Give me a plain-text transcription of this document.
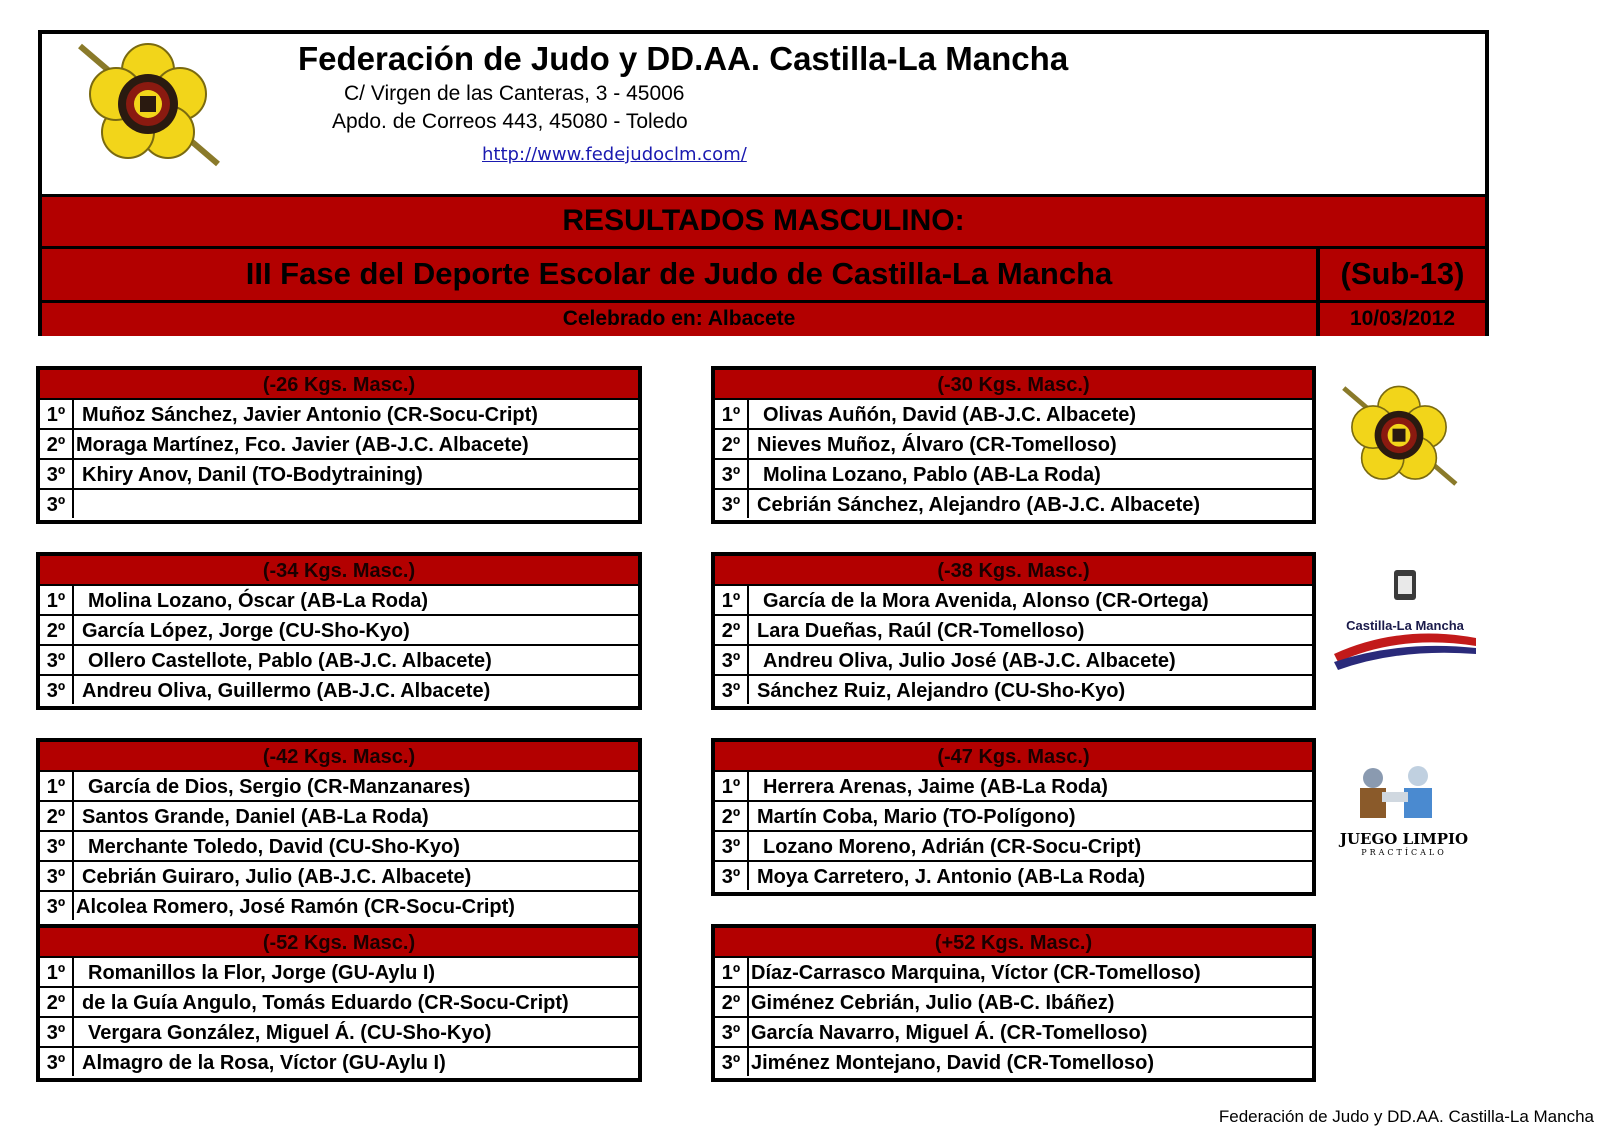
Federación de Judo y DD.AA. Castilla-La Mancha
C/ Virgen de las Canteras, 3 - 45006
Apdo. de Correos 443, 45080 - Toledo
http://www.fedejudoclm.com/
RESULTADOS MASCULINO:
III Fase del Deporte Escolar de Judo de Castilla-La Mancha	(Sub-13)
Celebrado en: Albacete	10/03/2012
(-26 Kgs. Masc.)
1º Muñoz Sánchez, Javier Antonio (CR-Socu-Cript)
2º Moraga Martínez, Fco. Javier (AB-J.C. Albacete)
3º Khiry Anov, Danil (TO-Bodytraining)
3º
(-30 Kgs. Masc.)
1º	Olivas Auñón, David (AB-J.C. Albacete)
2º Nieves Muñoz, Álvaro (CR-Tomelloso)
3º	Molina Lozano, Pablo (AB-La Roda)
3º Cebrián Sánchez, Alejandro (AB-J.C. Albacete)
(-34 Kgs. Masc.)
1º	Molina Lozano, Óscar (AB-La Roda)
2º García López, Jorge (CU-Sho-Kyo)
3º	Ollero Castellote, Pablo (AB-J.C. Albacete)
3º Andreu Oliva, Guillermo (AB-J.C. Albacete)
(-38 Kgs. Masc.)
1º	García de la Mora Avenida, Alonso (CR-Ortega)
2º Lara Dueñas, Raúl (CR-Tomelloso)
3º	Andreu Oliva, Julio José (AB-J.C. Albacete)
3º Sánchez Ruiz, Alejandro (CU-Sho-Kyo)
(-42 Kgs. Masc.)
1º	García de Dios, Sergio (CR-Manzanares)
2º Santos Grande, Daniel (AB-La Roda)
3º	Merchante Toledo, David (CU-Sho-Kyo)
3º Cebrián Guiraro, Julio (AB-J.C. Albacete)
3º Alcolea Romero, José Ramón (CR-Socu-Cript)
(-47 Kgs. Masc.)
1º	Herrera Arenas, Jaime (AB-La Roda)
2º Martín Coba, Mario (TO-Polígono)
3º	Lozano Moreno, Adrián (CR-Socu-Cript)
3º Moya Carretero, J. Antonio (AB-La Roda)
(-52 Kgs. Masc.)
1º	Romanillos la Flor, Jorge (GU-Aylu I)
2º de la Guía Angulo, Tomás Eduardo (CR-Socu-Cript)
3º	Vergara González, Miguel Á. (CU-Sho-Kyo)
3º Almagro de la Rosa, Víctor (GU-Aylu I)
(+52 Kgs. Masc.)
1º Díaz-Carrasco Marquina, Víctor (CR-Tomelloso)
2º Giménez Cebrián, Julio (AB-C. Ibáñez)
3º García Navarro, Miguel Á. (CR-Tomelloso)
3º Jiménez Montejano, David (CR-Tomelloso)
Castilla-La Mancha
JUEGO LIMPIO
PRACTÍCALO
Federación de Judo y DD.AA. Castilla-La Mancha
